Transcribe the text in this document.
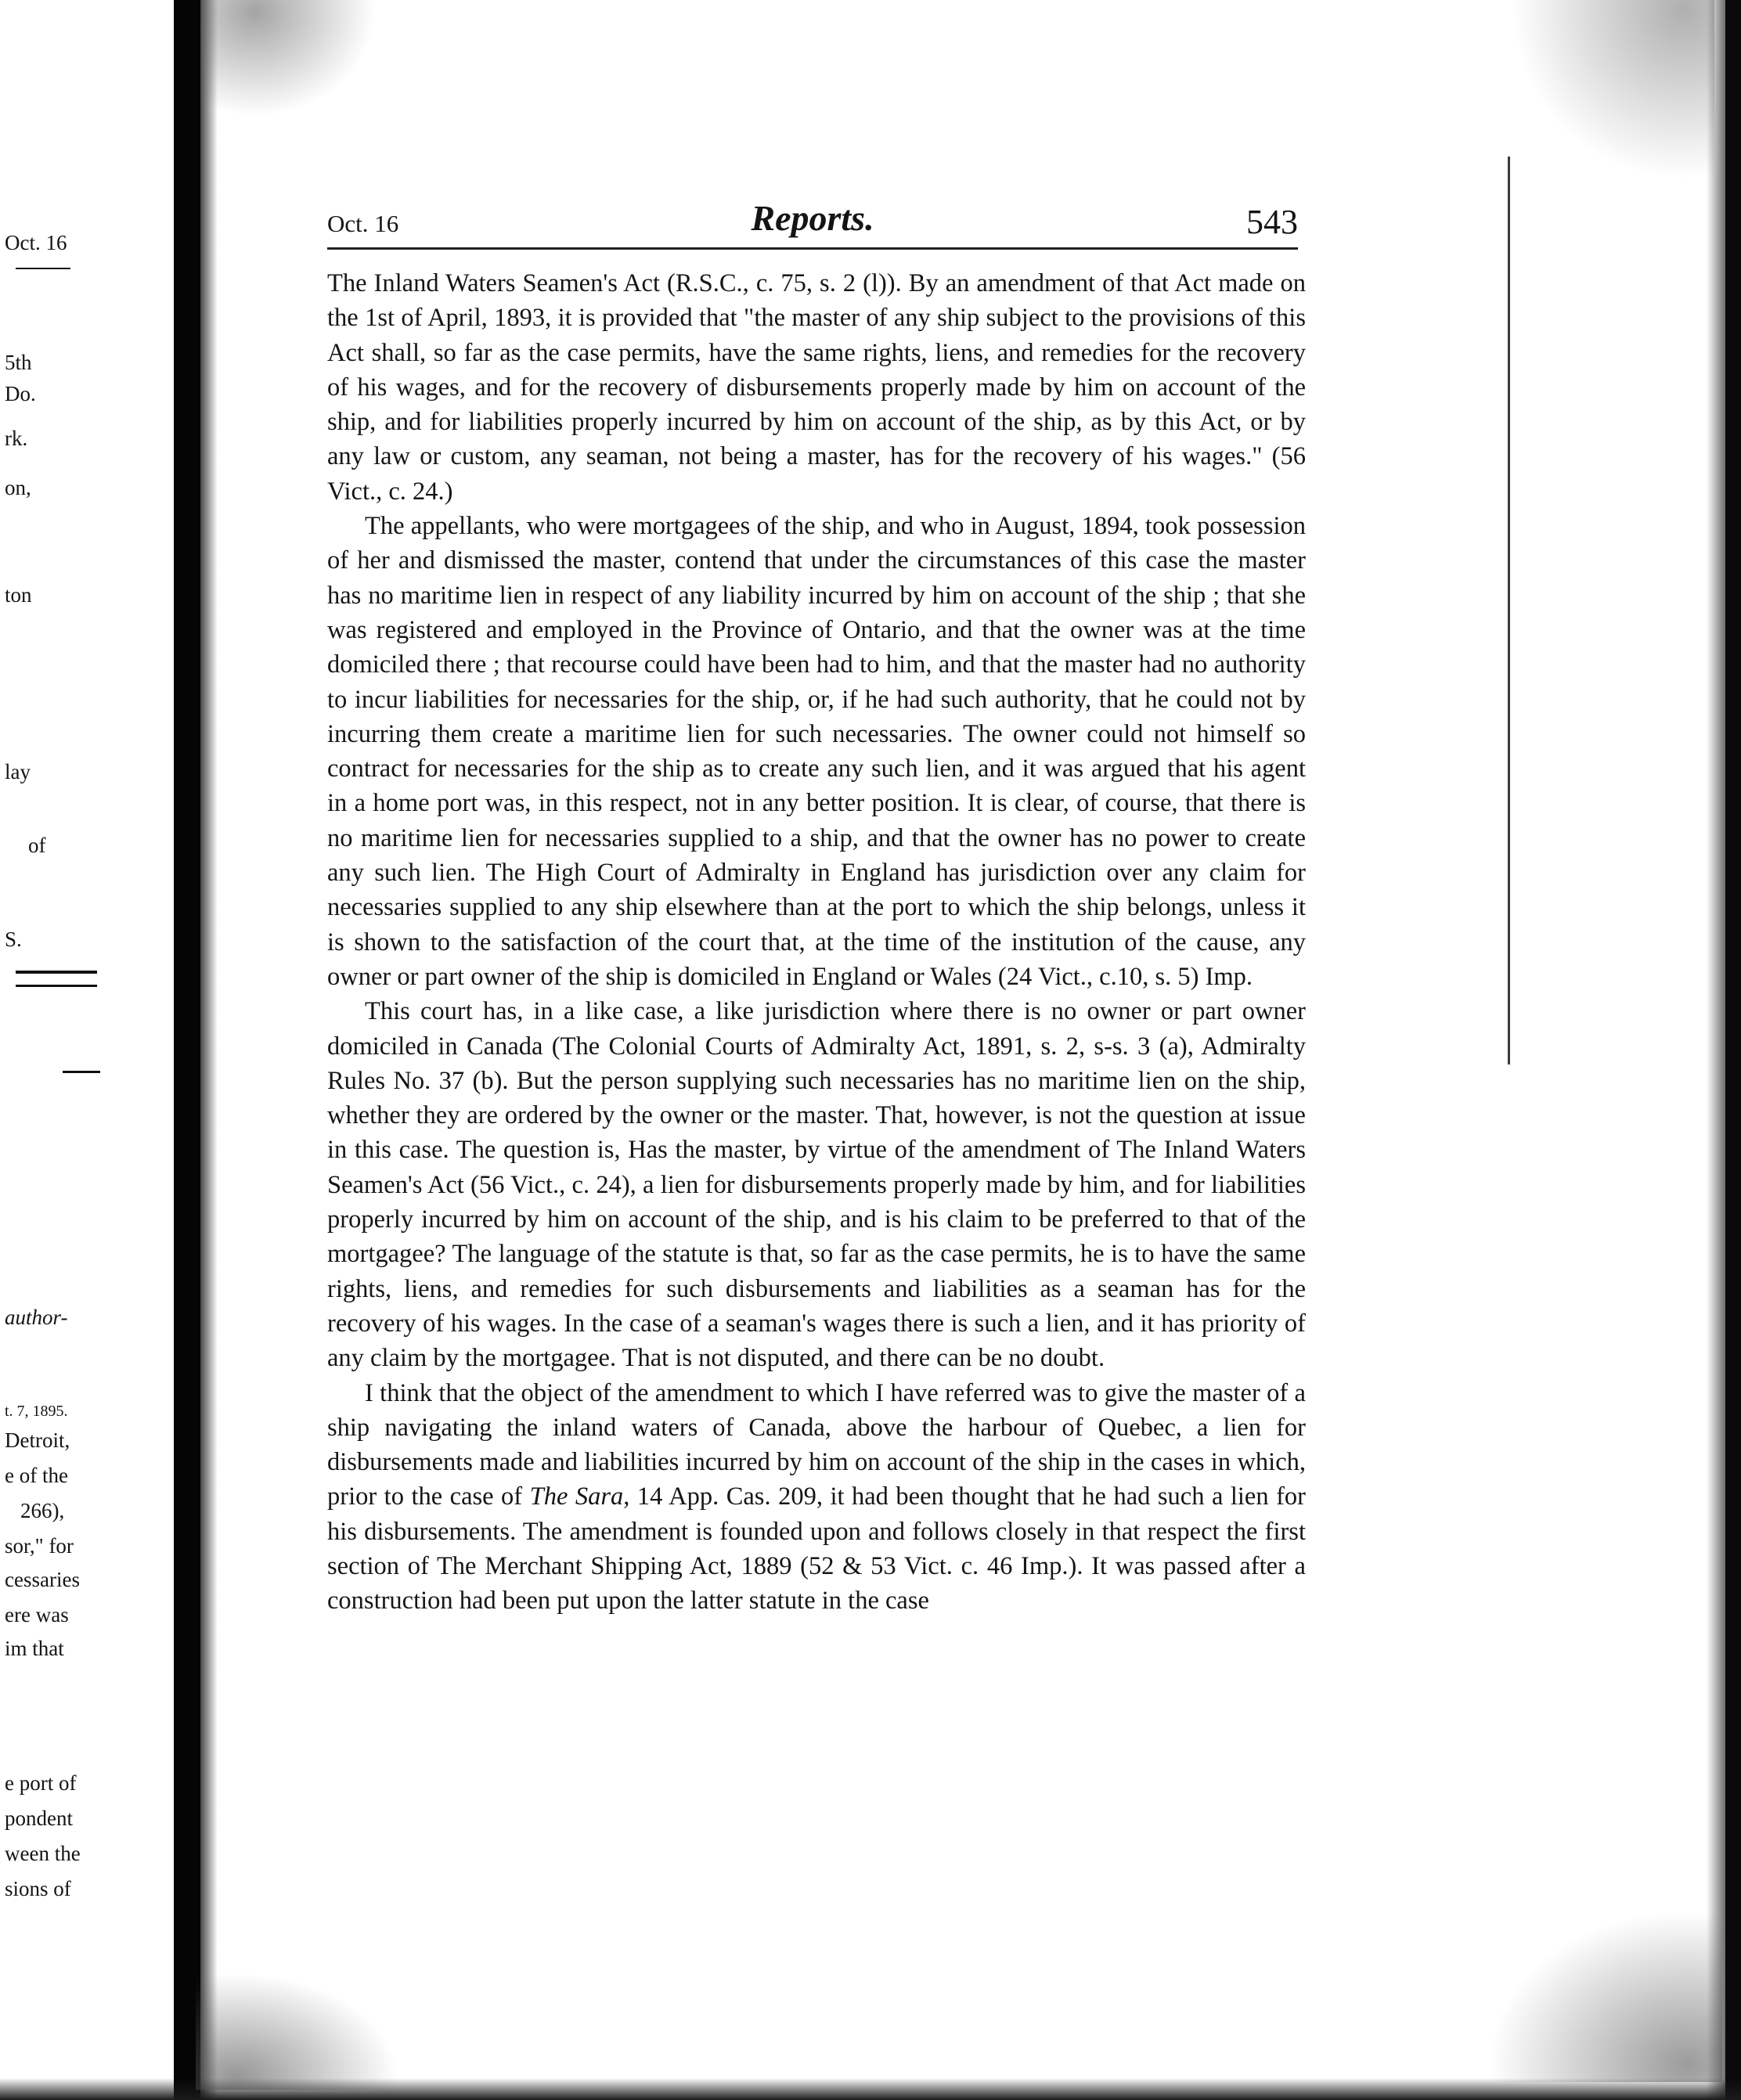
Oct. 16
5th
Do.
rk.
on,
ton
lay
of
S.
author-
t. 7, 1895.
Detroit,
e of the
266),
sor," for
cessaries
ere was
im that
e port of
pondent
ween the
sions of
Oct. 16	Reports.	543

The Inland Waters Seamen's Act (R.S.C., c. 75, s. 2 (l)). By an amendment of that Act made on the 1st of April, 1893, it is provided that "the master of any ship subject to the provisions of this Act shall, so far as the case permits, have the same rights, liens, and remedies for the recovery of his wages, and for the recovery of disbursements properly made by him on account of the ship, and for liabilities properly incurred by him on account of the ship, as by this Act, or by any law or custom, any seaman, not being a master, has for the recovery of his wages." (56 Vict., c. 24.)

The appellants, who were mortgagees of the ship, and who in August, 1894, took possession of her and dismissed the master, contend that under the circumstances of this case the master has no maritime lien in respect of any liability incurred by him on account of the ship ; that she was registered and employed in the Province of Ontario, and that the owner was at the time domiciled there ; that recourse could have been had to him, and that the master had no authority to incur liabilities for necessaries for the ship, or, if he had such authority, that he could not by incurring them create a maritime lien for such necessaries. The owner could not himself so contract for necessaries for the ship as to create any such lien, and it was argued that his agent in a home port was, in this respect, not in any better position. It is clear, of course, that there is no maritime lien for necessaries supplied to a ship, and that the owner has no power to create any such lien. The High Court of Admiralty in England has jurisdiction over any claim for necessaries supplied to any ship elsewhere than at the port to which the ship belongs, unless it is shown to the satisfaction of the court that, at the time of the institution of the cause, any owner or part owner of the ship is domiciled in England or Wales (24 Vict., c.10, s. 5) Imp.

This court has, in a like case, a like jurisdiction where there is no owner or part owner domiciled in Canada (The Colonial Courts of Admiralty Act, 1891, s. 2, s-s. 3 (a), Admiralty Rules No. 37 (b). But the person supplying such necessaries has no maritime lien on the ship, whether they are ordered by the owner or the master. That, however, is not the question at issue in this case. The question is, Has the master, by virtue of the amendment of The Inland Waters Seamen's Act (56 Vict., c. 24), a lien for disbursements properly made by him, and for liabilities properly incurred by him on account of the ship, and is his claim to be preferred to that of the mortgagee? The language of the statute is that, so far as the case permits, he is to have the same rights, liens, and remedies for such disbursements and liabilities as a seaman has for the recovery of his wages. In the case of a seaman's wages there is such a lien, and it has priority of any claim by the mortgagee. That is not disputed, and there can be no doubt.

I think that the object of the amendment to which I have referred was to give the master of a ship navigating the inland waters of Canada, above the harbour of Quebec, a lien for disbursements made and liabilities incurred by him on account of the ship in the cases in which, prior to the case of The Sara, 14 App. Cas. 209, it had been thought that he had such a lien for his disbursements. The amendment is founded upon and follows closely in that respect the first section of The Merchant Shipping Act, 1889 (52 & 53 Vict. c. 46 Imp.). It was passed after a construction had been put upon the latter statute in the case
